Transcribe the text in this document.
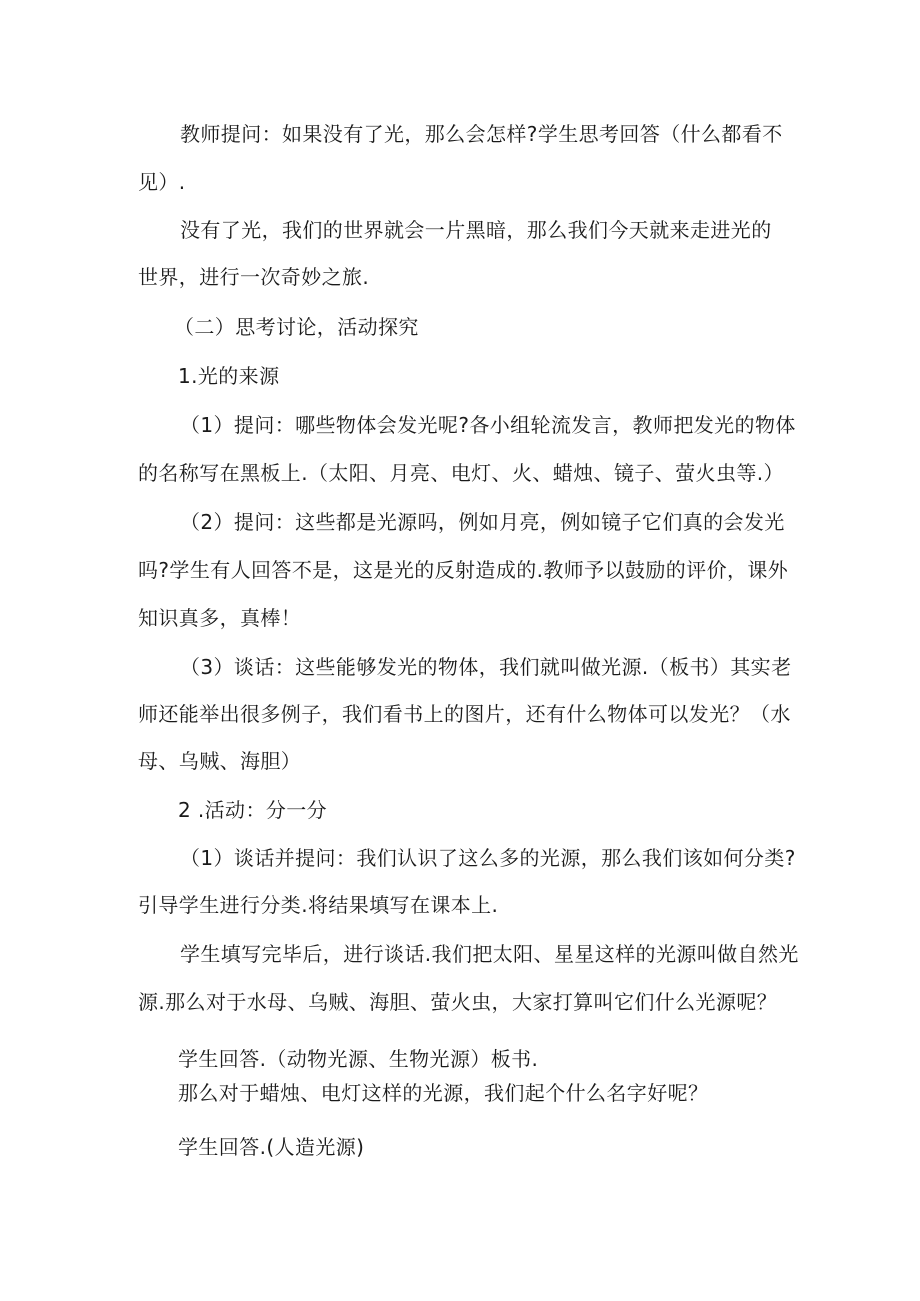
教师提问：如果没有了光，那么会怎样?学生思考回答（什么都看不
见）.
没有了光，我们的世界就会一片黑暗，那么我们今天就来走进光的
世界，进行一次奇妙之旅.
（二）思考讨论，活动探究
1.光的来源
（1）提问：哪些物体会发光呢?各小组轮流发言，教师把发光的物体
的名称写在黑板上.（太阳、月亮、电灯、火、蜡烛、镜子、萤火虫等.）
（2）提问：这些都是光源吗，例如月亮，例如镜子它们真的会发光
吗?学生有人回答不是，这是光的反射造成的.教师予以鼓励的评价，课外
知识真多，真棒！
（3）谈话：这些能够发光的物体，我们就叫做光源.（板书）其实老
师还能举出很多例子，我们看书上的图片，还有什么物体可以发光？（水
母、乌贼、海胆）
2 .活动：分一分
（1）谈话并提问：我们认识了这么多的光源，那么我们该如何分类?
引导学生进行分类.将结果填写在课本上.
学生填写完毕后，进行谈话.我们把太阳、星星这样的光源叫做自然光
源.那么对于水母、乌贼、海胆、萤火虫，大家打算叫它们什么光源呢？
学生回答.（动物光源、生物光源）板书.
那么对于蜡烛、电灯这样的光源，我们起个什么名字好呢？
学生回答.(人造光源)
